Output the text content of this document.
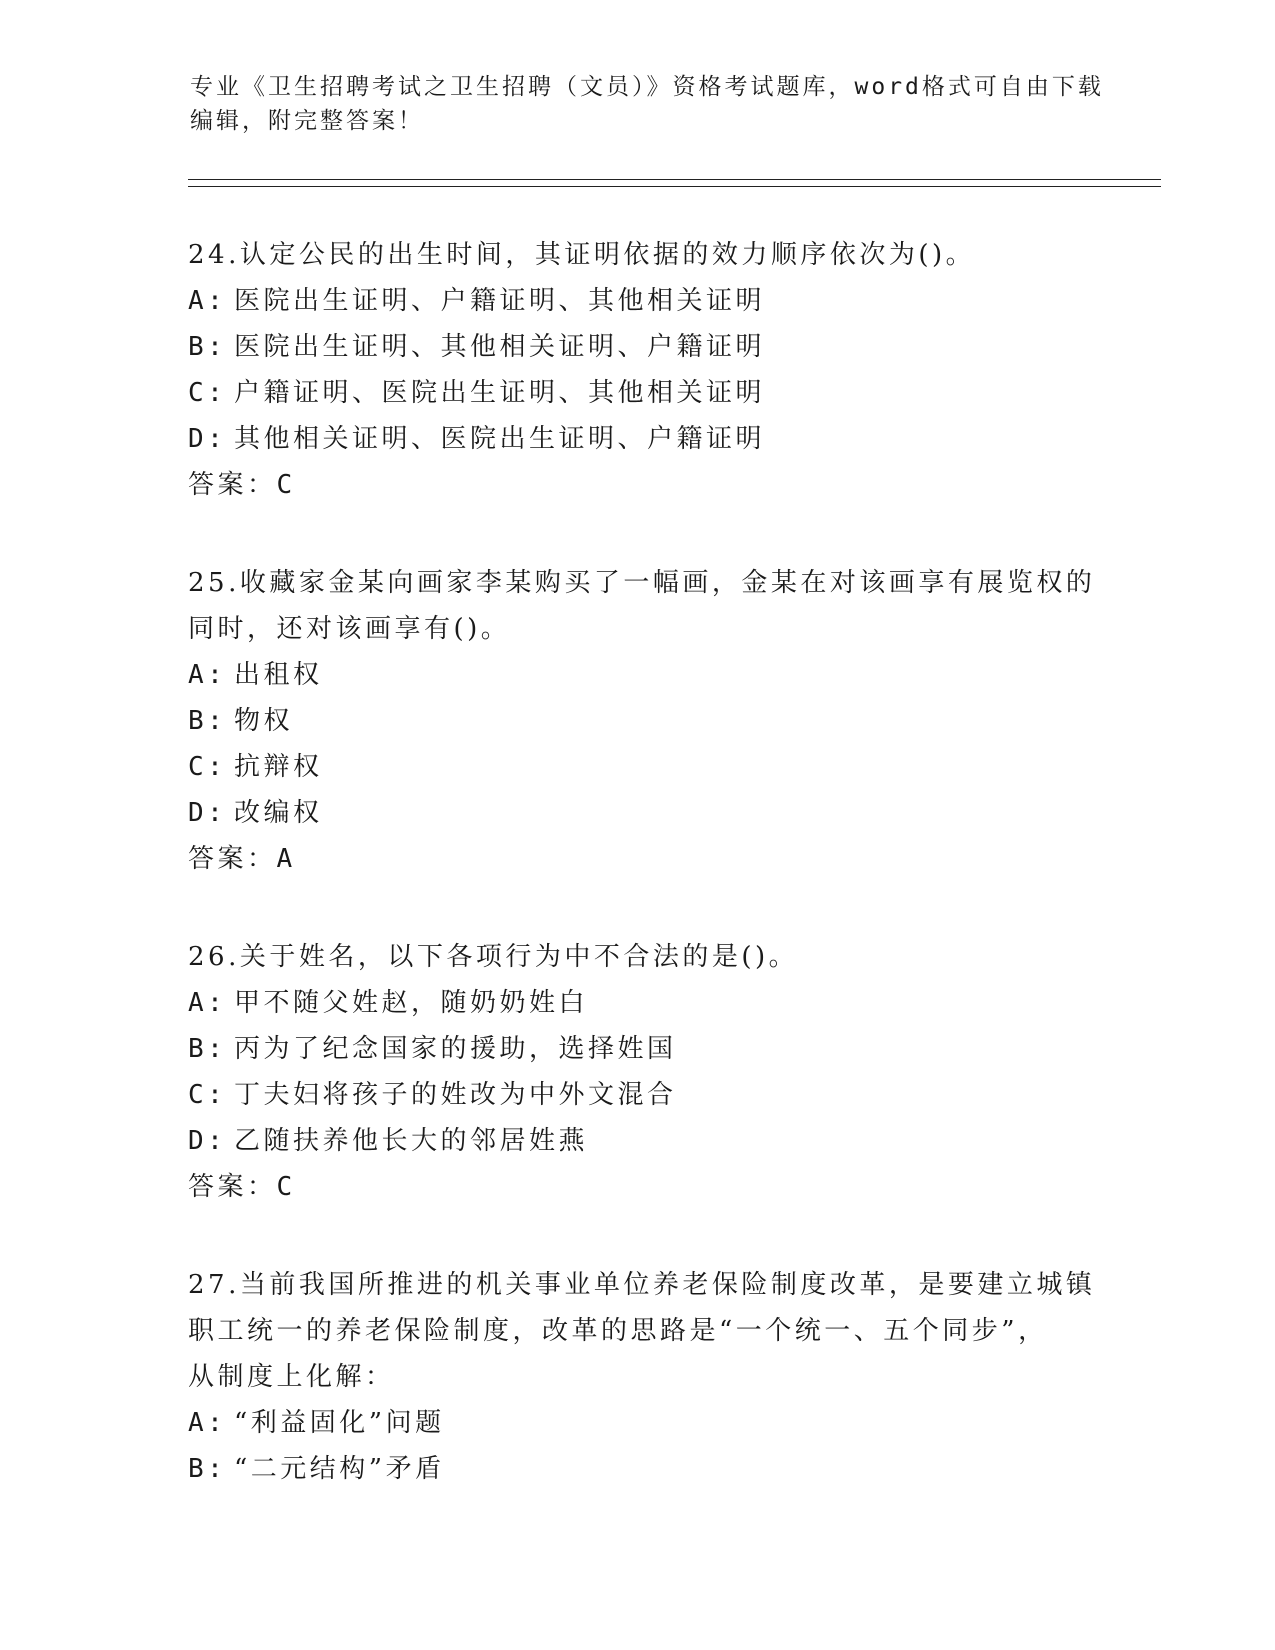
专业《卫生招聘考试之卫生招聘（文员）》资格考试题库，word格式可自由下载
编辑，附完整答案！
24.认定公民的出生时间，其证明依据的效力顺序依次为()。
A: 医院出生证明、户籍证明、其他相关证明
B: 医院出生证明、其他相关证明、户籍证明
C: 户籍证明、医院出生证明、其他相关证明
D: 其他相关证明、医院出生证明、户籍证明
答案：C
25.收藏家金某向画家李某购买了一幅画，金某在对该画享有展览权的
同时，还对该画享有()。
A: 出租权
B: 物权
C: 抗辩权
D: 改编权
答案：A
26.关于姓名，以下各项行为中不合法的是()。
A: 甲不随父姓赵，随奶奶姓白
B: 丙为了纪念国家的援助，选择姓国
C: 丁夫妇将孩子的姓改为中外文混合
D: 乙随扶养他长大的邻居姓燕
答案：C
27.当前我国所推进的机关事业单位养老保险制度改革，是要建立城镇
职工统一的养老保险制度，改革的思路是“一个统一、五个同步”，
从制度上化解：
A: “利益固化”问题
B: “二元结构”矛盾
